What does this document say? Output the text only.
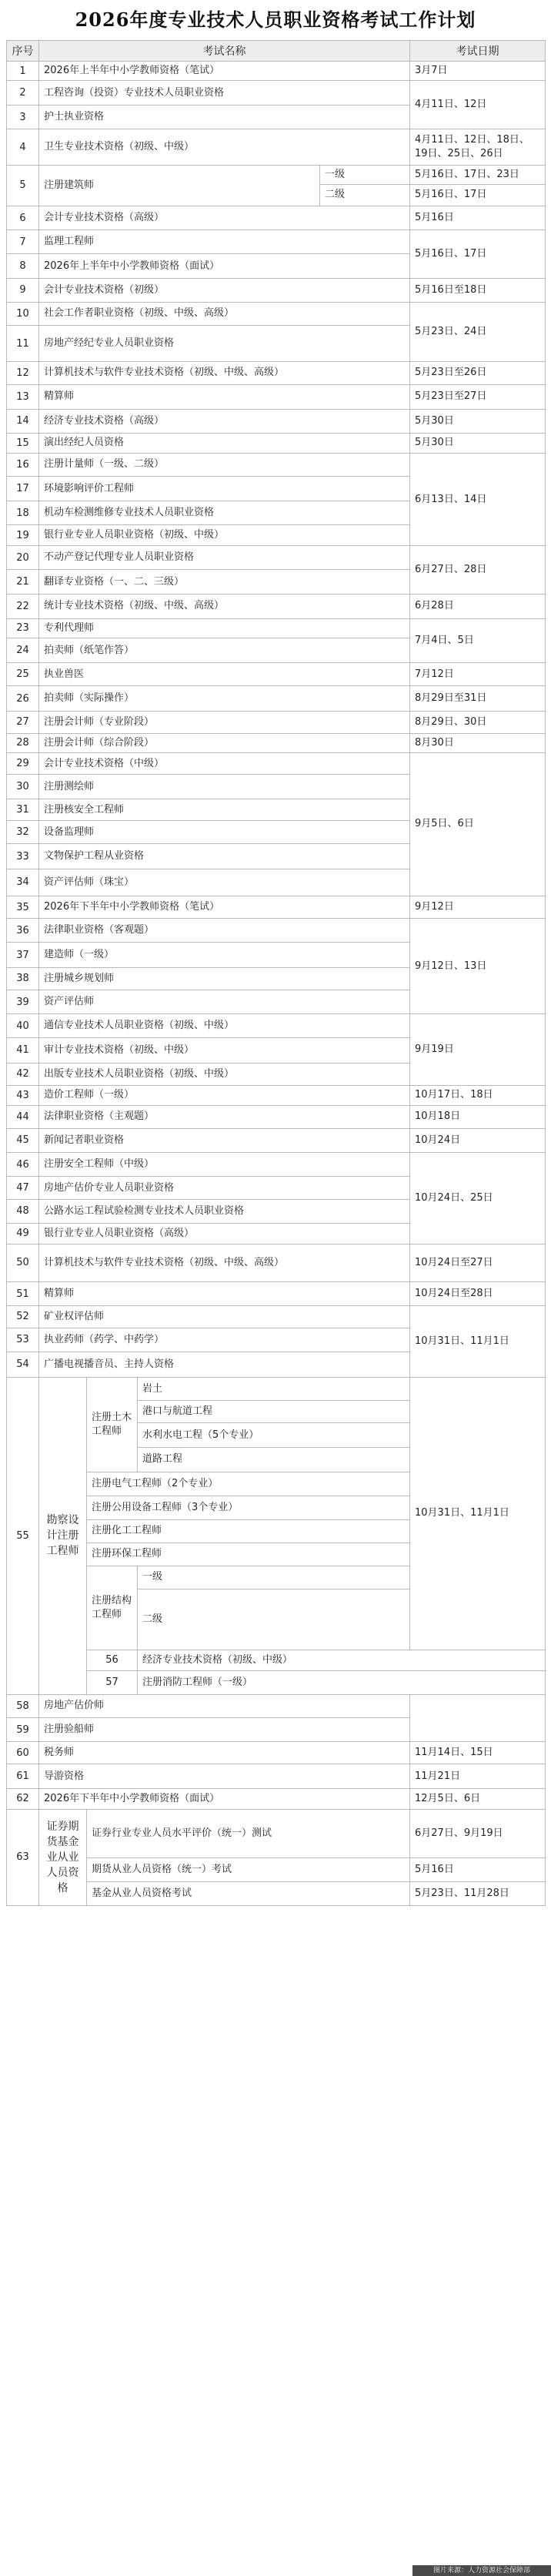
2026年度专业技术人员职业资格考试工作计划
序号	考试名称				考试日期	
1	2026年上半年中小学教师资格（笔试）				3月7日	
2	工程咨询（投资）专业技术人员职业资格				4月11日、12日	
3	护士执业资格					
4	卫生专业技术资格（初级、中级）				4月11日、12日、18日、19日、25日、26日	
5	注册建筑师			一级	5月16日、17日、23日	
				二级	5月16日、17日	
6	会计专业技术资格（高级）				5月16日	
7	监理工程师				5月16日、17日	
8	2026年上半年中小学教师资格（面试）					
9	会计专业技术资格（初级）				5月16日至18日	
10	社会工作者职业资格（初级、中级、高级）				5月23日、24日	
11	房地产经纪专业人员职业资格					
12	计算机技术与软件专业技术资格（初级、中级、高级）				5月23日至26日	
13	精算师				5月23日至27日	
14	经济专业技术资格（高级）				5月30日	
15	演出经纪人员资格				5月30日	
16	注册计量师（一级、二级）				6月13日、14日	
17	环境影响评价工程师					
18	机动车检测维修专业技术人员职业资格					
19	银行业专业人员职业资格（初级、中级）					
20	不动产登记代理专业人员职业资格				6月27日、28日	
21	翻译专业资格（一、二、三级）					
22	统计专业技术资格（初级、中级、高级）				6月28日	
23	专利代理师				7月4日、5日	
24	拍卖师（纸笔作答）					
25	执业兽医				7月12日	
26	拍卖师（实际操作）				8月29日至31日	
27	注册会计师（专业阶段）				8月29日、30日	
28	注册会计师（综合阶段）				8月30日	
29	会计专业技术资格（中级）				9月5日、6日	
30	注册测绘师					
31	注册核安全工程师					
32	设备监理师					
33	文物保护工程从业资格					
34	资产评估师（珠宝）					
35	2026年下半年中小学教师资格（笔试）				9月12日	
36	法律职业资格（客观题）				9月12日、13日	
37	建造师（一级）					
38	注册城乡规划师					
39	资产评估师					
40	通信专业技术人员职业资格（初级、中级）				9月19日	
41	审计专业技术资格（初级、中级）					
42	出版专业技术人员职业资格（初级、中级）					
43	造价工程师（一级）				10月17日、18日	
44	法律职业资格（主观题）				10月18日	
45	新闻记者职业资格				10月24日	
46	注册安全工程师（中级）				10月24日、25日	
47	房地产估价专业人员职业资格					
48	公路水运工程试验检测专业技术人员职业资格					
49	银行业专业人员职业资格（高级）					
50	计算机技术与软件专业技术资格（初级、中级、高级）				10月24日至27日	
51	精算师				10月24日至28日	
52	矿业权评估师				10月31日、11月1日	
53	执业药师（药学、中药学）					
54	广播电视播音员、主持人资格					
55	勘察设计注册工程师	注册土木工程师	岩土		10月31日、11月1日	
			港口与航道工程			
			水利水电工程（5个专业）			
			道路工程			
		注册电气工程师（2个专业）				
		注册公用设备工程师（3个专业）				
		注册化工工程师				
		注册环保工程师				
		注册结构工程师	一级			
			二级	
		56	经济专业技术资格（初级、中级）	
		57	注册消防工程师（一级）			
58	房地产估价师					
59	注册验船师					
60	税务师				11月14日、15日	
61	导游资格				11月21日	
62	2026年下半年中小学教师资格（面试）				12月5日、6日	
63	证券期货基金业从业人员资格	证券行业专业人员水平评价（统一）测试			6月27日、9月19日	

		期货从业人员资格（统一）考试			5月16日	
		基金从业人员资格考试			5月23日、11月28日	
图片来源：人力资源社会保障部
